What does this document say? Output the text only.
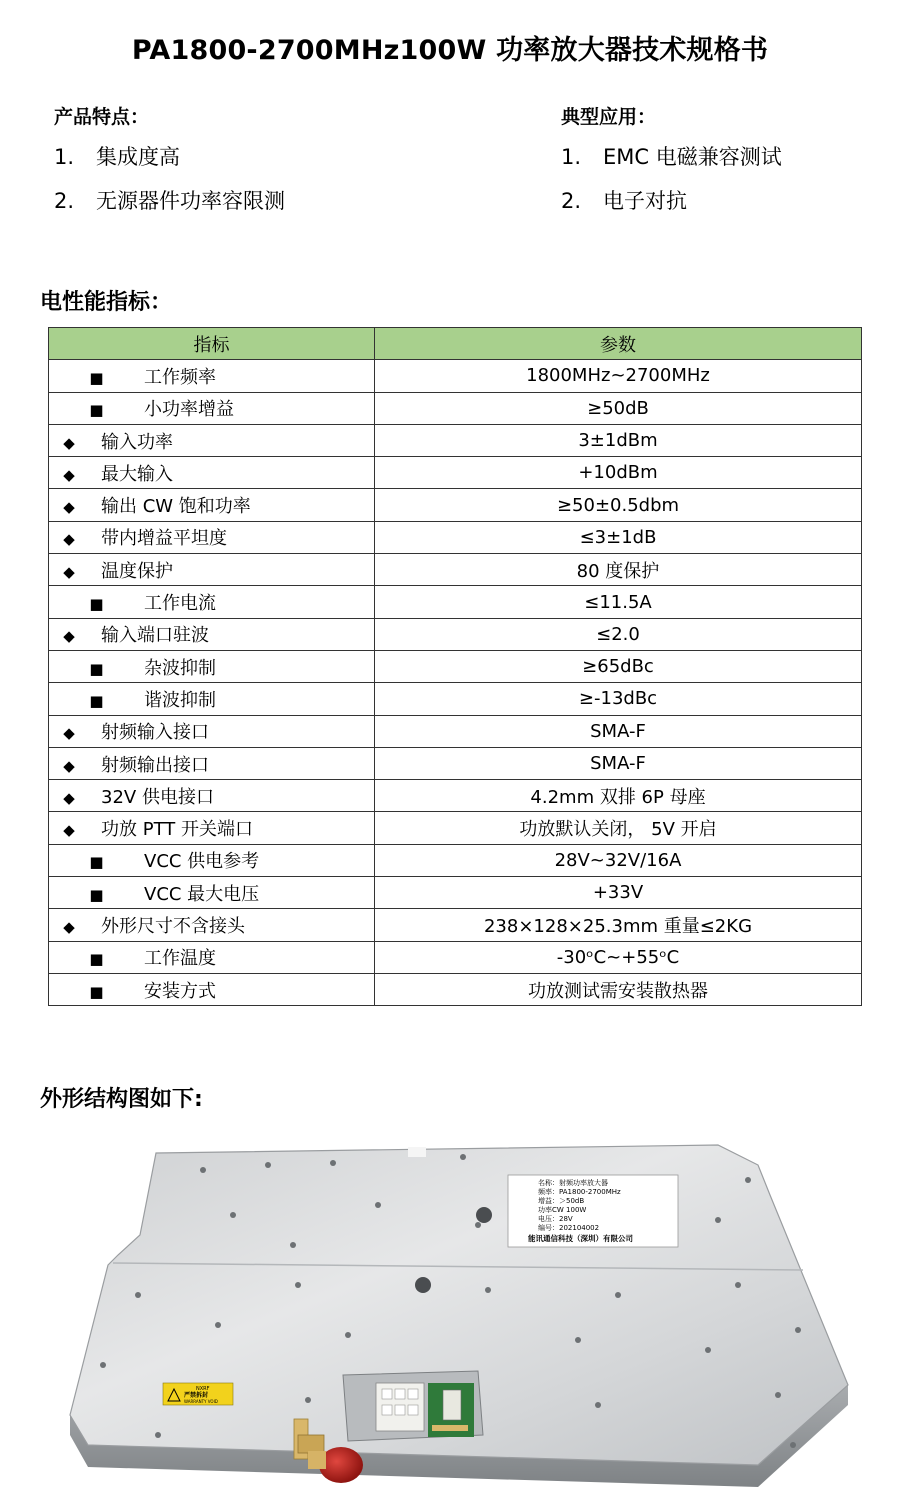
PA1800-2700MHz100W 功率放大器技术规格书
产品特点：
1. 集成度高
2. 无源器件功率容限测
典型应用：
1. EMC 电磁兼容测试
2. 电子对抗
电性能指标：
指标	参数
■ 工作频率	1800MHz~2700MHz
■ 小功率增益	≥50dB
◆ 输入功率	3±1dBm
◆ 最大输入	+10dBm
◆ 输出 CW 饱和功率	≥50±0.5dbm
◆ 带内增益平坦度	≤3±1dB
◆ 温度保护	80 度保护
■ 工作电流	≤11.5A
◆ 输入端口驻波	≤2.0
■ 杂波抑制	≥65dBc
■ 谐波抑制	≥-13dBc
◆ 射频输入接口	SMA-F
◆ 射频输出接口	SMA-F
◆ 32V 供电接口	4.2mm 双排 6P 母座
◆ 功放 PTT 开关端口	功放默认关闭， 5V 开启
■ VCC 供电参考	28V~32V/16A
■ VCC 最大电压	+33V
◆ 外形尺寸不含接头	238×128×25.3mm 重量≤2KG
■ 工作温度	-30ᵒC~+55ᵒC
■ 安装方式	功放测试需安装散热器
外形结构图如下:
名称：射频功率放大器
频率：PA1800-2700MHz
增益：＞50dB
功率CW 100W
电压：28V
编号：202104002
能讯通信科技（深圳）有限公司
NXRF
严禁拆封
WARRANTY VOID
